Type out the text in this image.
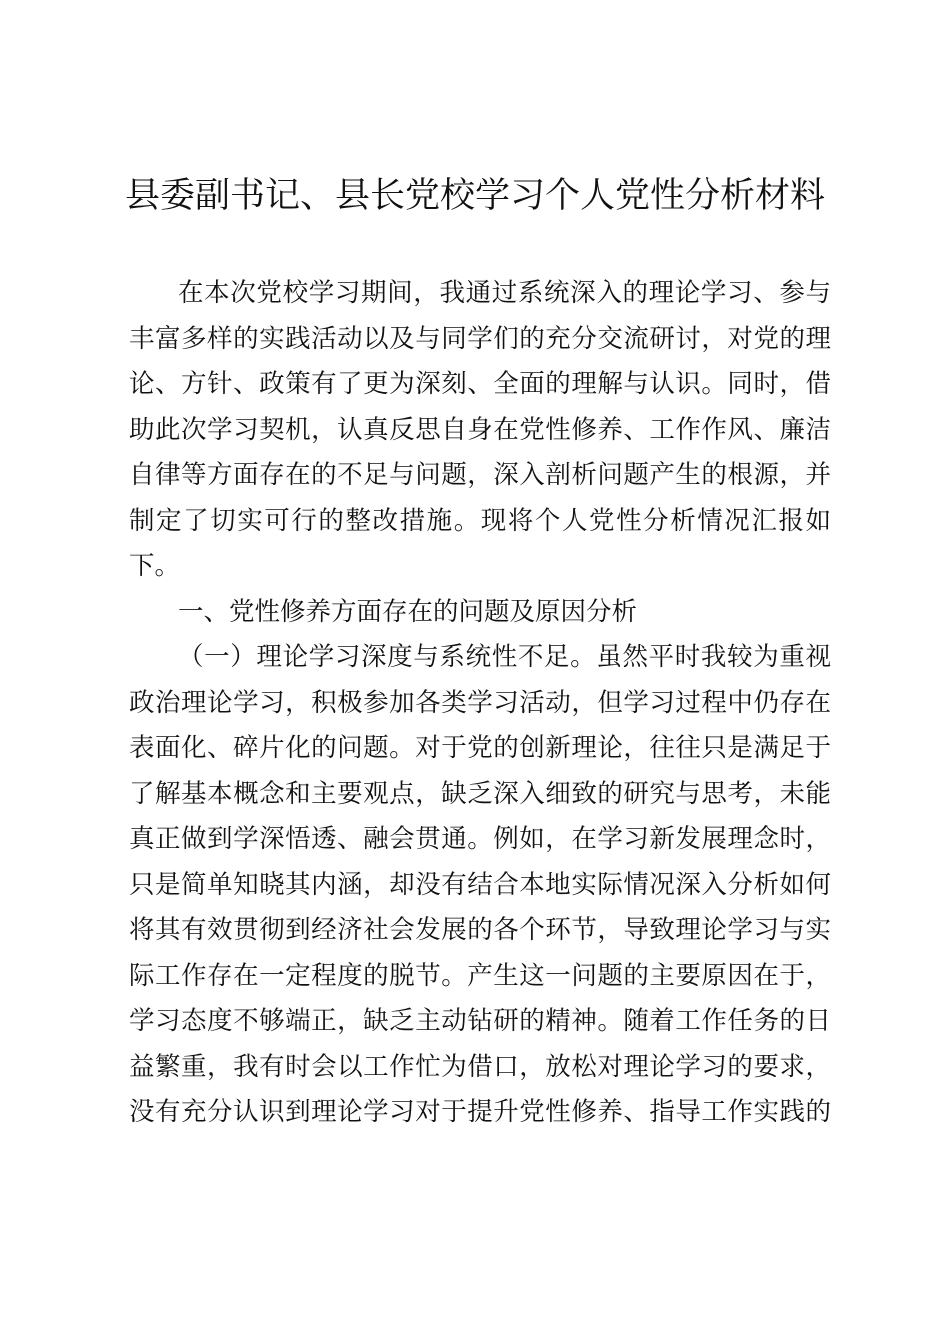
县委副书记、县长党校学习个人党性分析材料
在本次党校学习期间，我通过系统深入的理论学习、参与
丰富多样的实践活动以及与同学们的充分交流研讨，对党的理
论、方针、政策有了更为深刻、全面的理解与认识。同时，借
助此次学习契机，认真反思自身在党性修养、工作作风、廉洁
自律等方面存在的不足与问题，深入剖析问题产生的根源，并
制定了切实可行的整改措施。现将个人党性分析情况汇报如
下。
一、党性修养方面存在的问题及原因分析
（一）理论学习深度与系统性不足。虽然平时我较为重视
政治理论学习，积极参加各类学习活动，但学习过程中仍存在
表面化、碎片化的问题。对于党的创新理论，往往只是满足于
了解基本概念和主要观点，缺乏深入细致的研究与思考，未能
真正做到学深悟透、融会贯通。例如，在学习新发展理念时，
只是简单知晓其内涵，却没有结合本地实际情况深入分析如何
将其有效贯彻到经济社会发展的各个环节，导致理论学习与实
际工作存在一定程度的脱节。产生这一问题的主要原因在于，
学习态度不够端正，缺乏主动钻研的精神。随着工作任务的日
益繁重，我有时会以工作忙为借口，放松对理论学习的要求，
没有充分认识到理论学习对于提升党性修养、指导工作实践的
